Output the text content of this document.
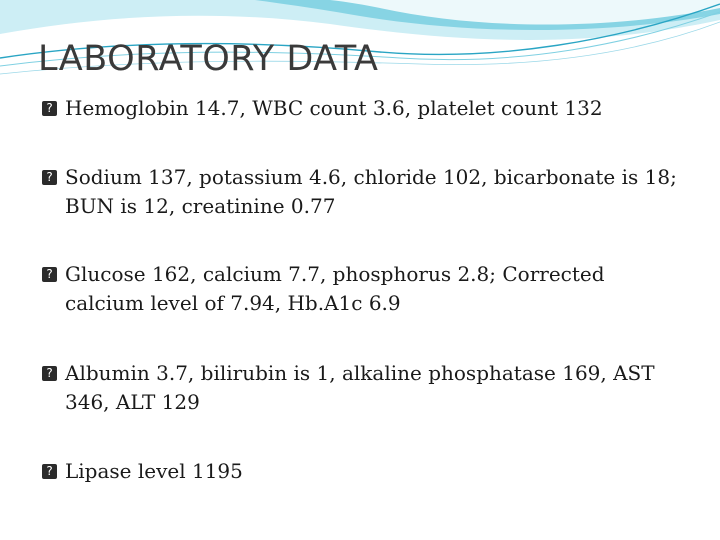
LABORATORY DATA
? Hemoglobin 14.7, WBC count 3.6, platelet count 132
? Sodium 137, potassium 4.6, chloride 102, bicarbonate is 18; BUN is 12, creatinine 0.77
? Glucose 162, calcium 7.7, phosphorus 2.8; Corrected calcium level of 7.94, Hb.A1c 6.9
? Albumin 3.7, bilirubin is 1, alkaline phosphatase 169, AST 346, ALT 129
? Lipase level 1195
